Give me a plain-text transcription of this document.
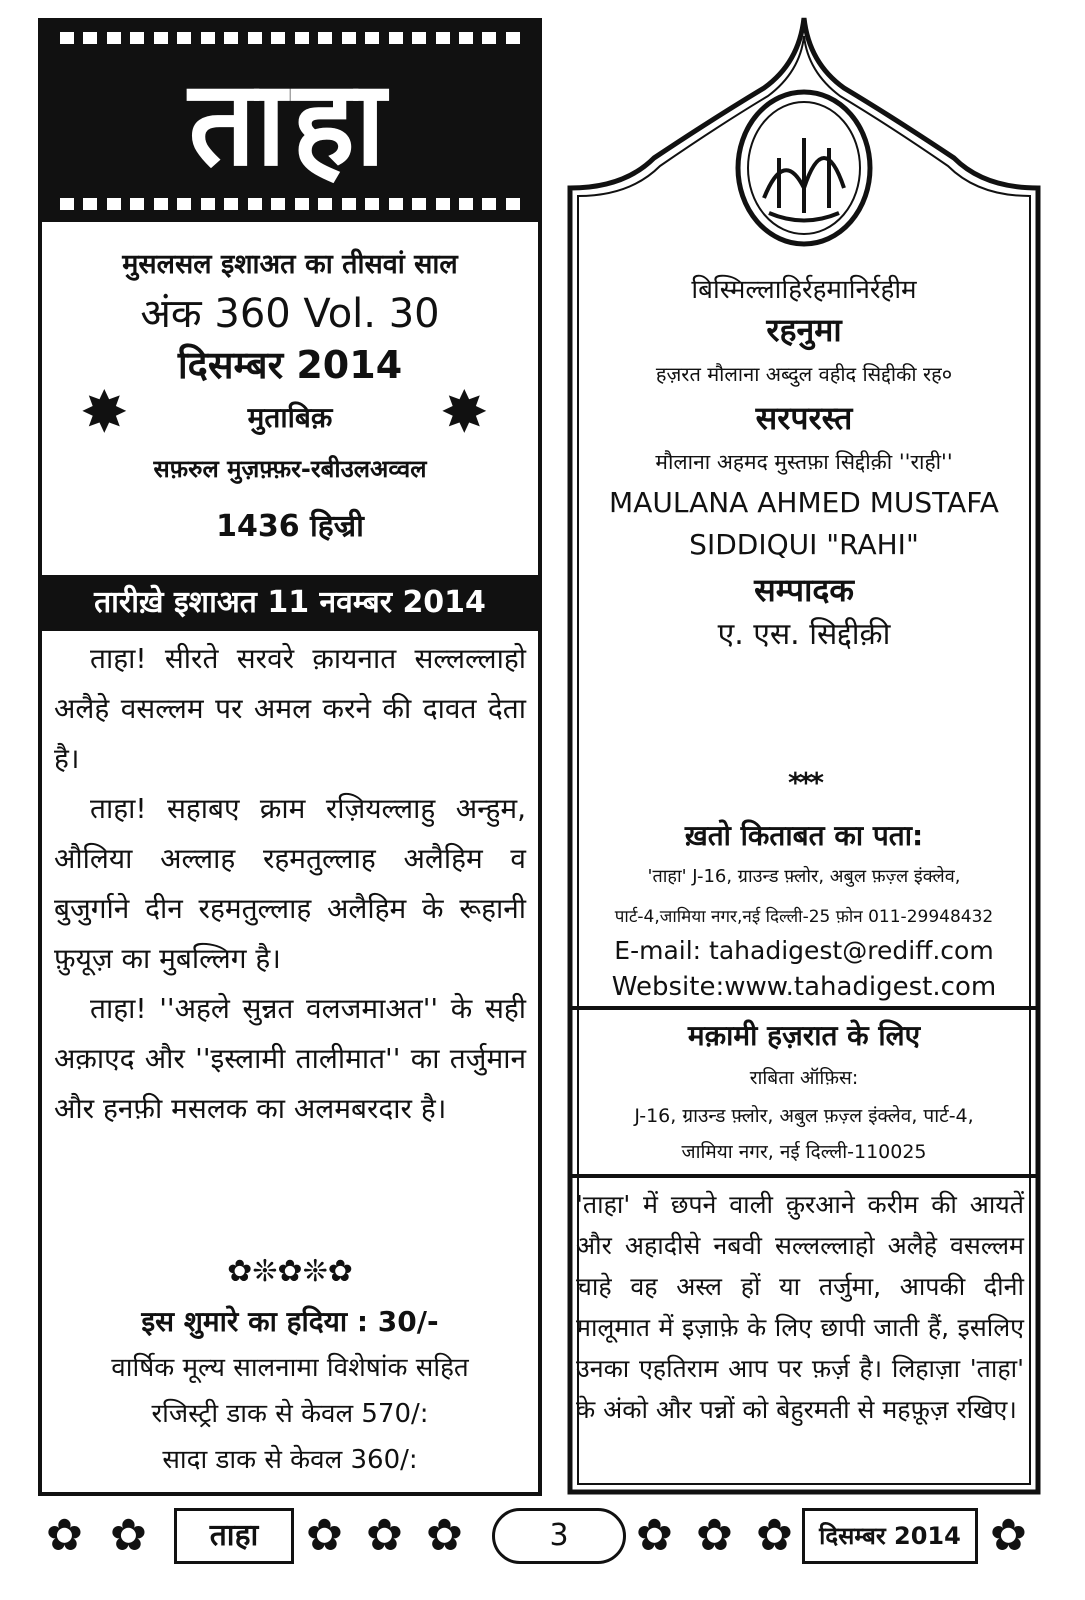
ताहा
मुसलसल इशाअत का तीसवां साल
अंक 360 Vol. 30
दिसम्बर 2014
✸	✸
मुताबिक़
सफ़रुल मुज़फ़्फ़र-रबीउलअव्वल
1436 हिज्री
तारीख़े इशाअत 11 नवम्बर 2014

ताहा! सीरते सरवरे क़ायनात सल्लल्लाहो अलैहे वसल्लम पर अमल करने की दावत देता है।

ताहा! सहाबए क्राम रज़ियल्लाहु अन्हुम, औलिया अल्लाह रहमतुल्लाह अलैहिम व बुजुर्गाने दीन रहमतुल्लाह अलैहिम के रूहानी फ़ुयूज़ का मुबल्लिग है।

ताहा! ''अहले सुन्नत वलजमाअत'' के सही अक़ाएद और ''इस्लामी तालीमात'' का तर्जुमान और हनफ़ी मसलक का अलमबरदार है।

✿❊✿❊✿
इस शुमारे का हदिया : 30/-
वार्षिक मूल्य सालनामा विशेषांक सहित
रजिस्ट्री डाक से केवल 570/:
सादा डाक से केवल 360/:
बिस्मिल्लाहिर्रहमानिर्रहीम
रहनुमा
हज़रत मौलाना अब्दुल वहीद सिद्दीकी रह०
सरपरस्त
मौलाना अहमद मुस्तफ़ा सिद्दीक़ी ''राही''
MAULANA AHMED MUSTAFA
SIDDIQUI "RAHI"
सम्पादक
ए. एस. सिद्दीक़ी
***
ख़तो किताबत का पता:
'ताहा' J-16, ग्राउन्ड फ़्लोर, अबुल फ़ज़्ल इंक्लेव,
पार्ट-4,जामिया नगर,नई दिल्ली-25 फ़ोन 011-29948432
E-mail: tahadigest@rediff.com
Website:www.tahadigest.com
मक़ामी हज़रात के लिए
राबिता ऑफ़िस:
J-16, ग्राउन्ड फ़्लोर, अबुल फ़ज़्ल इंक्लेव, पार्ट-4,
जामिया नगर, नई दिल्ली-110025
'ताहा' में छपने वाली क़ुरआने करीम की आयतें और अहादीसे नबवी सल्लल्लाहो अलैहे वसल्लम चाहे वह अस्ल हों या तर्जुमा, आपकी दीनी मालूमात में इज़ाफ़े के लिए छापी जाती हैं, इसलिए उनका एहतिराम आप पर फ़र्ज़ है। लिहाज़ा 'ताहा' के अंको और पन्नों को बेहुरमती से महफ़ूज़ रखिए।
✿ ✿	ताहा	✿ ✿ ✿	3	✿ ✿ ✿	दिसम्बर 2014 ✿
